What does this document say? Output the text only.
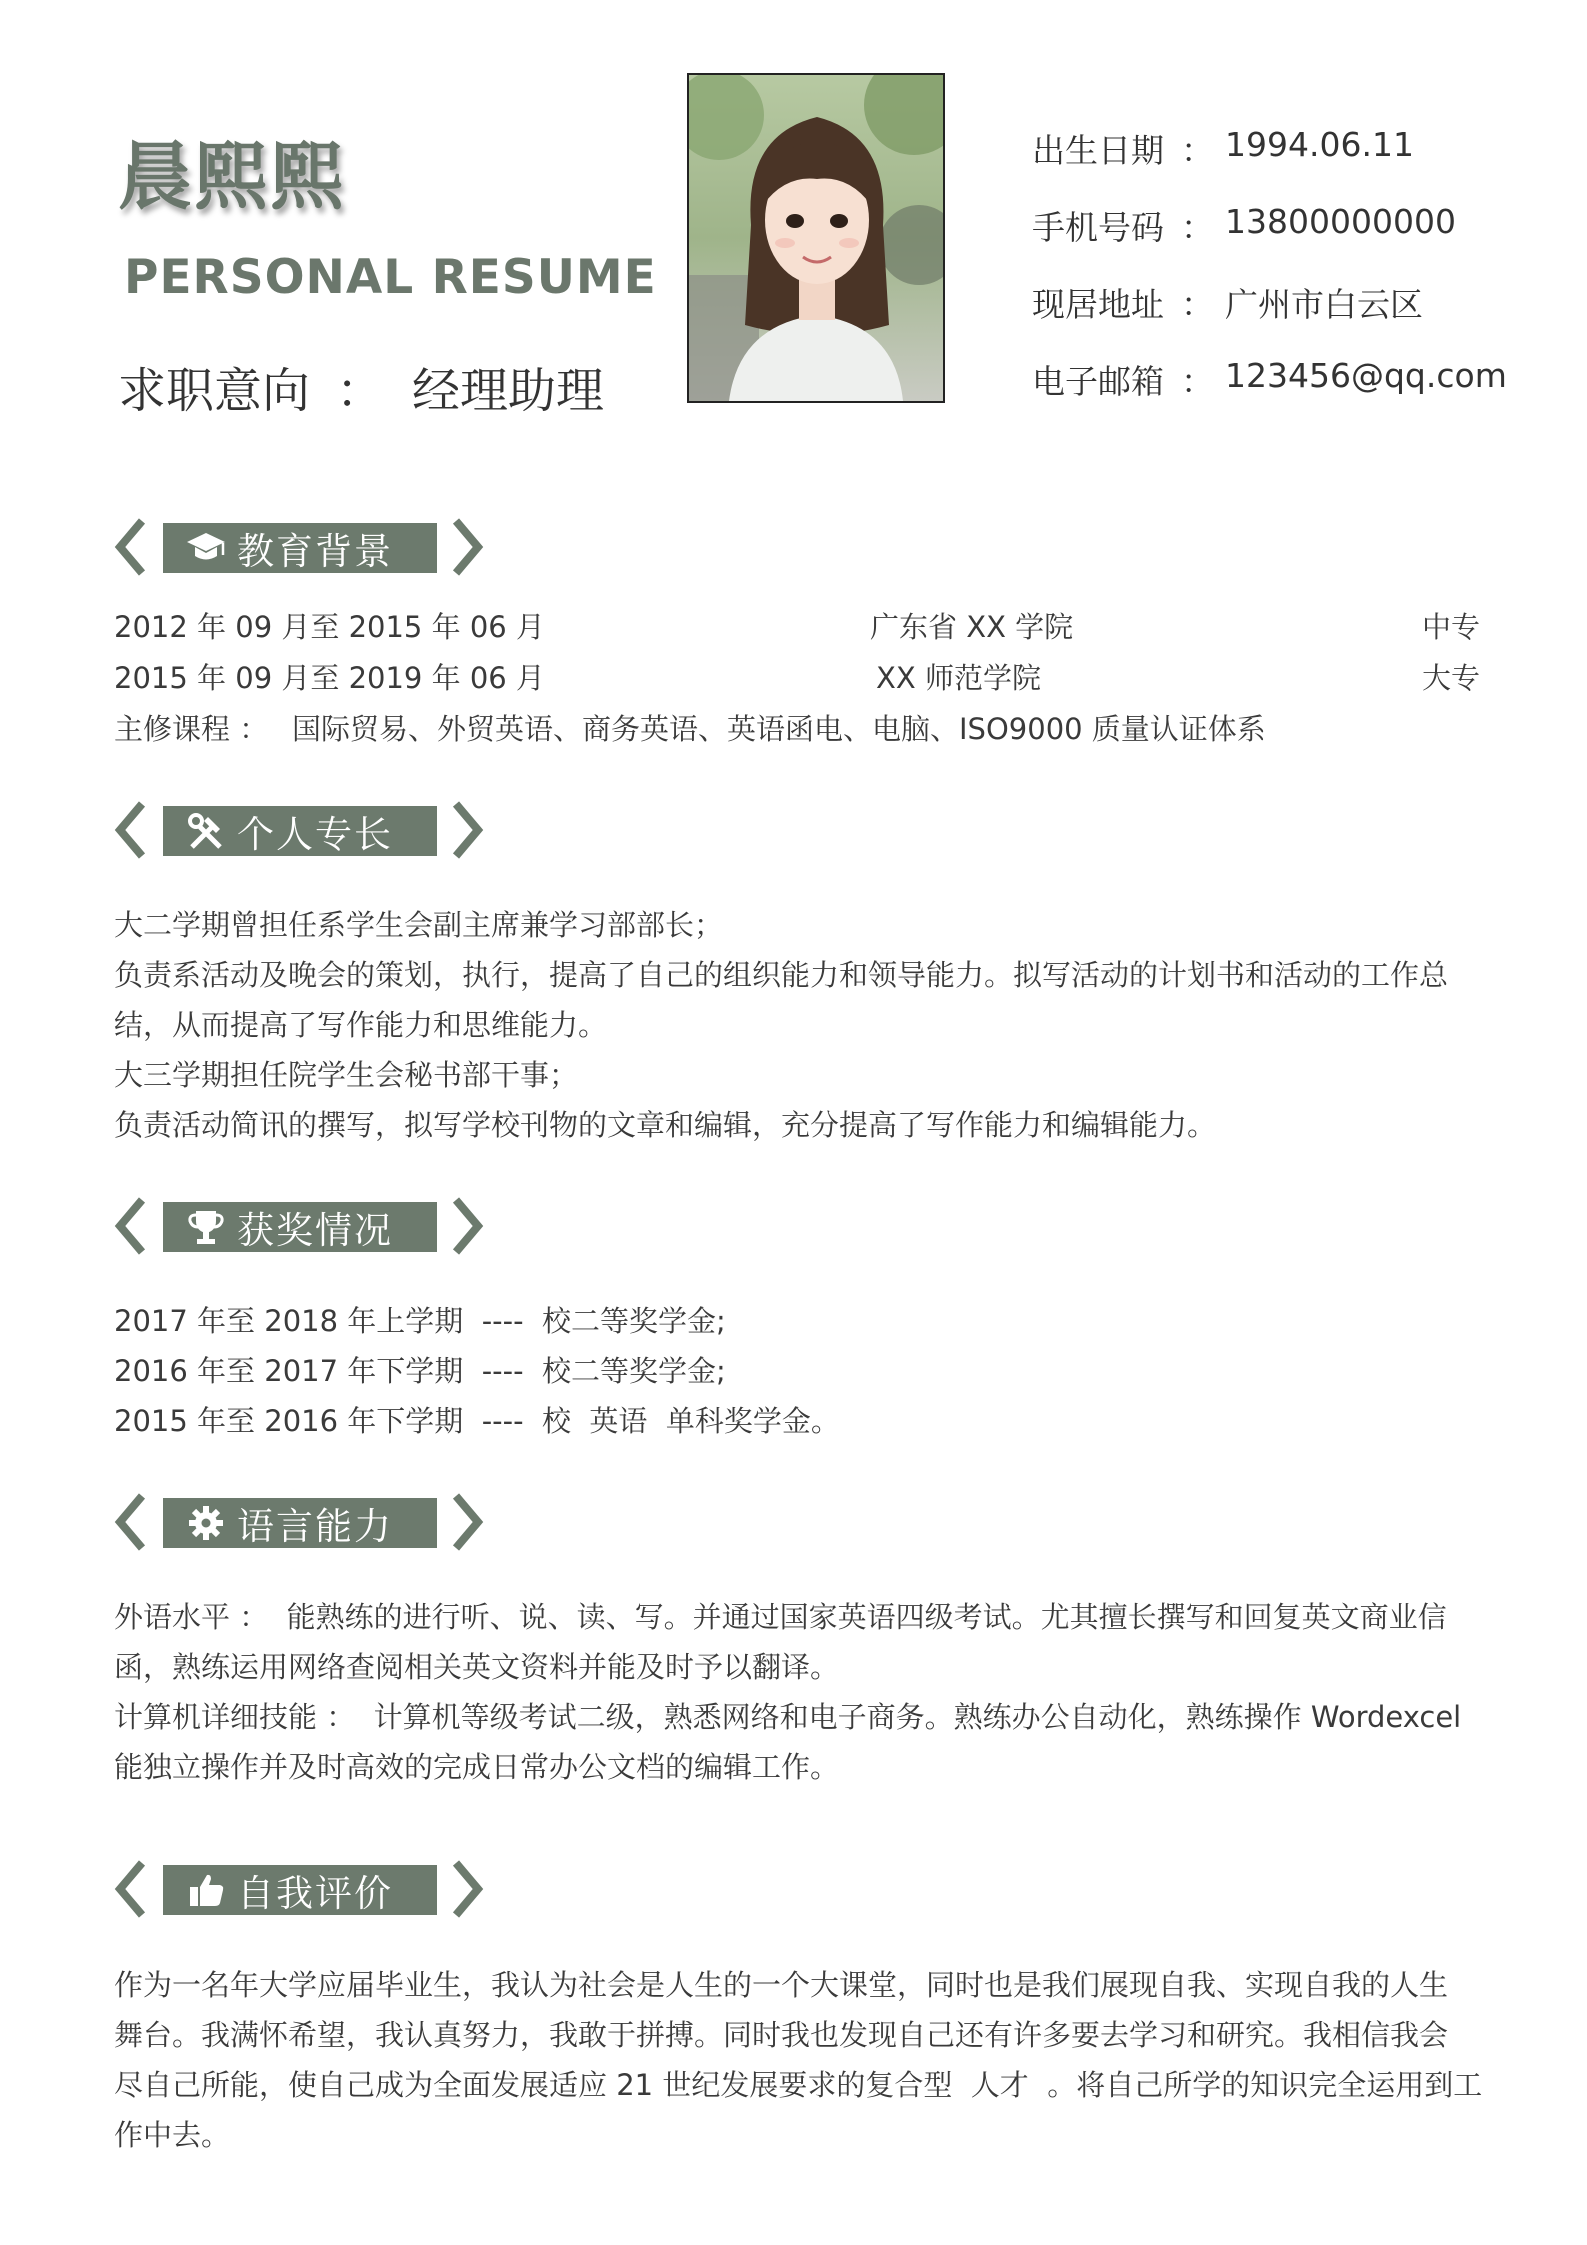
晨熙熙
PERSONAL RESUME
求职意向 ： 经理助理
出生日期 ： 1994.06.11
手机号码 ： 13800000000
现居地址 ： 广州市白云区
电子邮箱 ： 123456@qq.com
教育背景
2012 年 09 月至 2015 年 06 月	广东省 XX 学院	中专
2015 年 09 月至 2019 年 06 月	XX 师范学院	大专
主修课程 ： 国际贸易、外贸英语、商务英语、英语函电、电脑、ISO9000 质量认证体系
个人专长
大二学期曾担任系学生会副主席兼学习部部长；
负责系活动及晚会的策划，执行，提高了自己的组织能力和领导能力。拟写活动的计划书和活动的工作总
结，从而提高了写作能力和思维能力。
大三学期担任院学生会秘书部干事；
负责活动简讯的撰写，拟写学校刊物的文章和编辑，充分提高了写作能力和编辑能力。
获奖情况
2017 年至 2018 年上学期  ----  校二等奖学金;
2016 年至 2017 年下学期  ----  校二等奖学金;
2015 年至 2016 年下学期  ----  校  英语  单科奖学金。
语言能力
外语水平 ：  能熟练的进行听、说、读、写。并通过国家英语四级考试。尤其擅长撰写和回复英文商业信
函，熟练运用网络查阅相关英文资料并能及时予以翻译。
计算机详细技能 ：  计算机等级考试二级，熟悉网络和电子商务。熟练办公自动化，熟练操作 Wordexcel
能独立操作并及时高效的完成日常办公文档的编辑工作。
自我评价
作为一名年大学应届毕业生，我认为社会是人生的一个大课堂，同时也是我们展现自我、实现自我的人生
舞台。我满怀希望，我认真努力，我敢于拼搏。同时我也发现自己还有许多要去学习和研究。我相信我会
尽自己所能，使自己成为全面发展适应 21 世纪发展要求的复合型  人才  。将自己所学的知识完全运用到工
作中去。
